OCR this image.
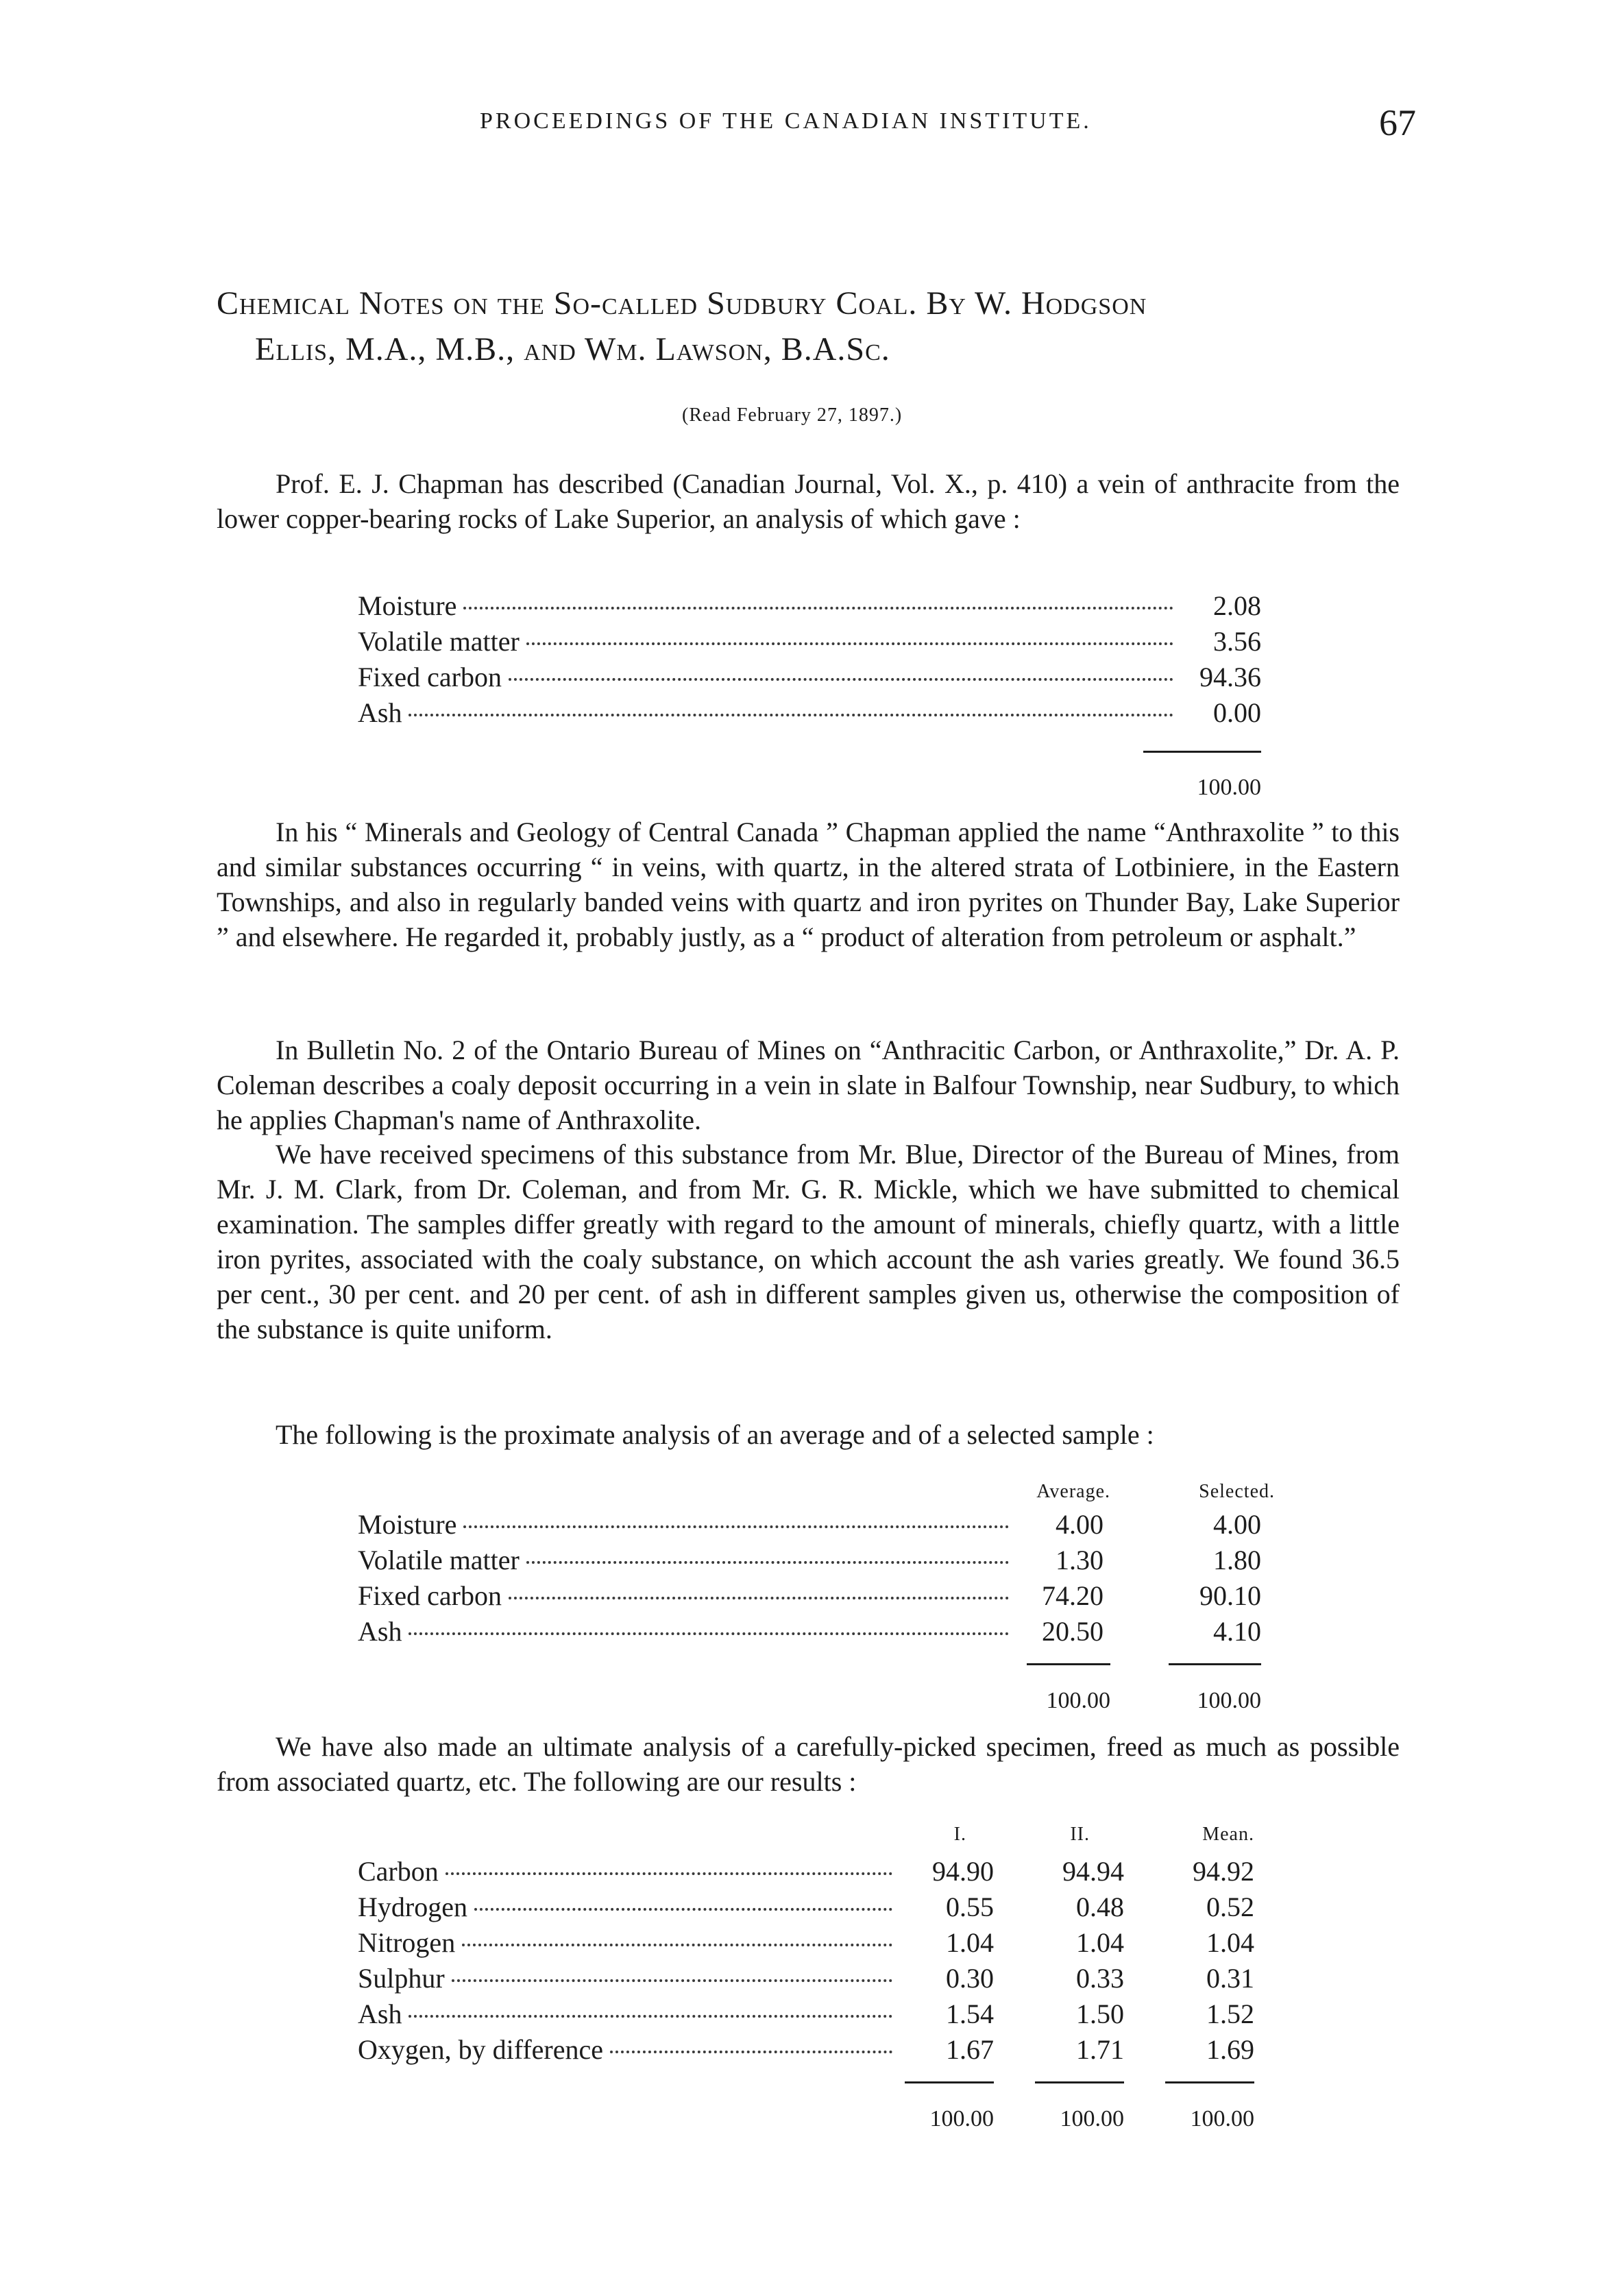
PROCEEDINGS OF THE CANADIAN INSTITUTE.	67
Chemical Notes on the So-called Sudbury Coal. By W. Hodgson
Ellis, M.A., M.B., and Wm. Lawson, B.A.Sc.
(Read February 27, 1897.)

Prof. E. J. Chapman has described (Canadian Journal, Vol. X., p. 410) a vein of anthracite from the lower copper-bearing rocks of Lake Superior, an analysis of which gave :

Moisture	2.08
Volatile matter	3.56
Fixed carbon	94.36
Ash	0.00
100.00

In his “ Minerals and Geology of Central Canada ” Chapman applied the name “Anthraxolite ” to this and similar substances occurring “ in veins, with quartz, in the altered strata of Lotbiniere, in the Eastern Townships, and also in regularly banded veins with quartz and iron pyrites on Thunder Bay, Lake Superior ” and elsewhere. He regarded it, probably justly, as a “ product of alteration from petroleum or asphalt.”

In Bulletin No. 2 of the Ontario Bureau of Mines on “Anthracitic Carbon, or Anthraxolite,” Dr. A. P. Coleman describes a coaly deposit occurring in a vein in slate in Balfour Township, near Sudbury, to which he applies Chapman's name of Anthraxolite.

We have received specimens of this substance from Mr. Blue, Director of the Bureau of Mines, from Mr. J. M. Clark, from Dr. Coleman, and from Mr. G. R. Mickle, which we have submitted to chemical examination. The samples differ greatly with regard to the amount of minerals, chiefly quartz, with a little iron pyrites, associated with the coaly substance, on which account the ash varies greatly. We found 36.5 per cent., 30 per cent. and 20 per cent. of ash in different samples given us, otherwise the composition of the substance is quite uniform.

The following is the proximate analysis of an average and of a selected sample :

Average.	Selected.
Moisture	4.00	4.00
Volatile matter	1.30	1.80
Fixed carbon	74.20	90.10
Ash	20.50	4.10
100.00	100.00

We have also made an ultimate analysis of a carefully-picked specimen, freed as much as possible from associated quartz, etc. The following are our results :

I.	II.	Mean.
Carbon	94.90	94.94	94.92
Hydrogen	0.55	0.48	0.52
Nitrogen	1.04	1.04	1.04
Sulphur	0.30	0.33	0.31
Ash	1.54	1.50	1.52
Oxygen, by difference	1.67	1.71	1.69
100.00	100.00	100.00
